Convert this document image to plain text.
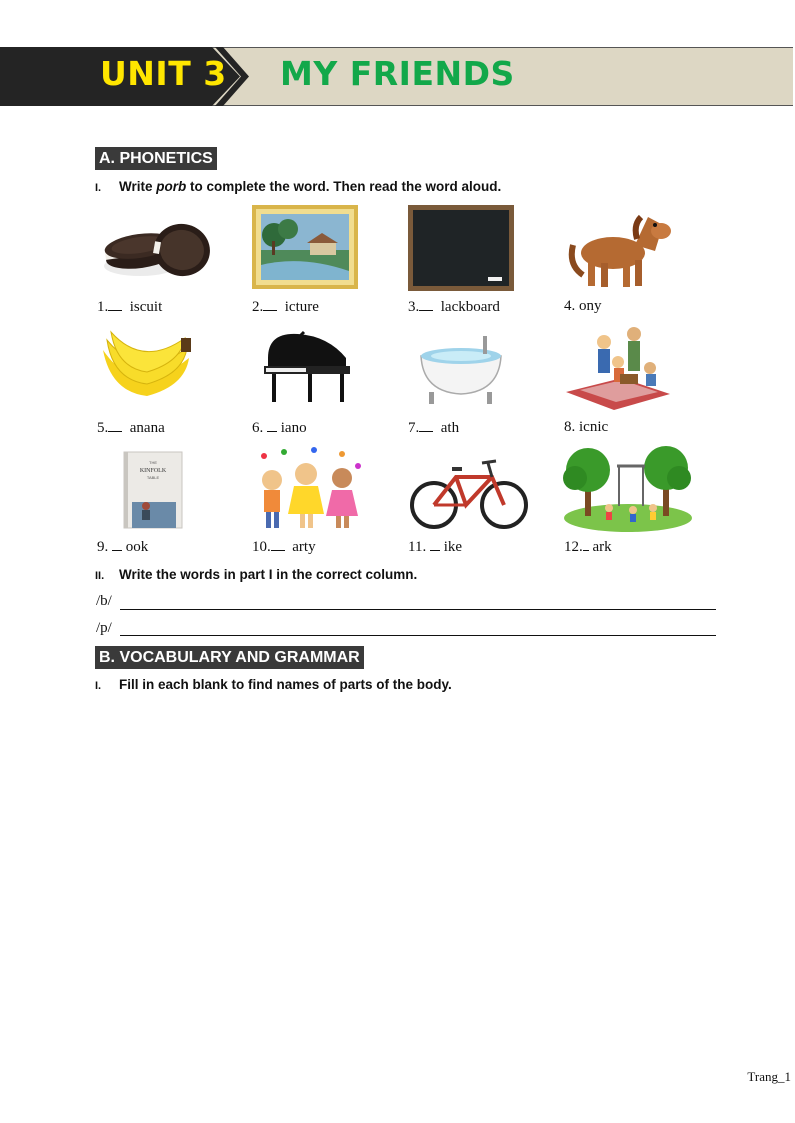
UNIT 3 MY FRIENDS
A. PHONETICS
I. Write porb to complete the word. Then read the word aloud.
1. iscuit	2. icture	3. lackboard	4. ony
5. anana	6. iano	7. ath	8. icnic
THE
KINFOLK
TABLE
9. ook	10. arty	11. ike	12. ark
II. Write the words in part I in the correct column.
/b/
/p/
B. VOCABULARY AND GRAMMAR
I. Fill in each blank to find names of parts of the body.
Trang_1
